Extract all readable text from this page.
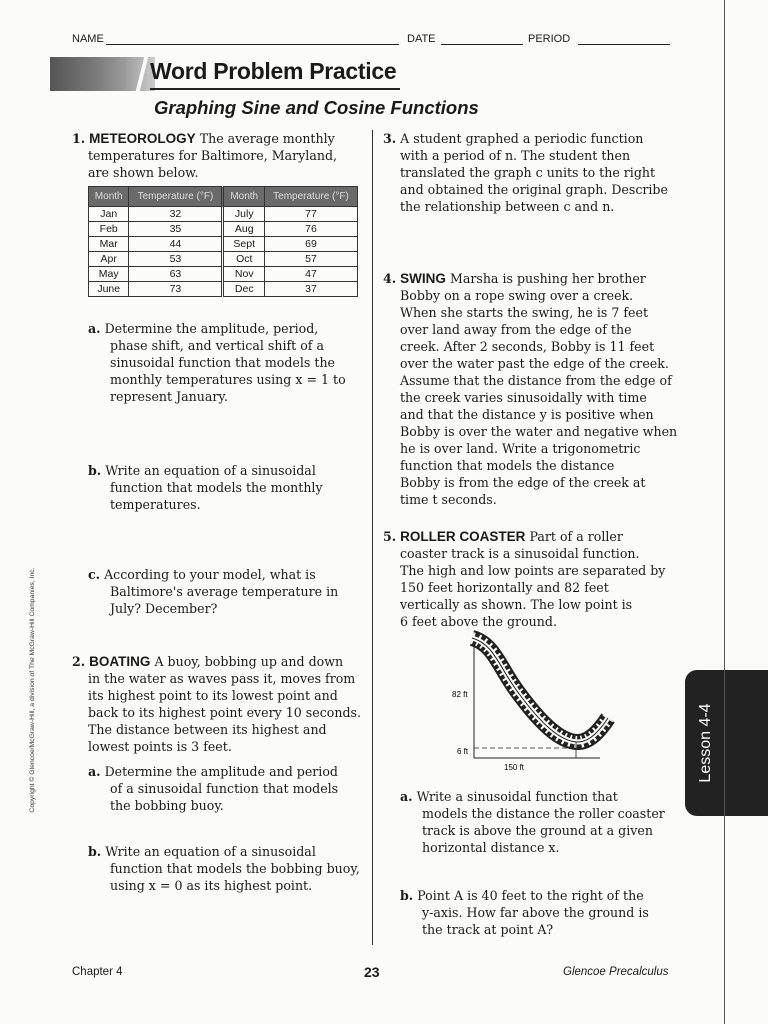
NAME	DATE	PERIOD
Word Problem Practice
Graphing Sine and Cosine Functions
1. METEOROLOGY The average monthly
temperatures for Baltimore, Maryland,
are shown below.
Month	Temperature (°F)	Month	Temperature (°F)
Jan	32	July	77
Feb	35	Aug	76
Mar	44	Sept	69
Apr	53	Oct	57
May	63	Nov	47
June	73	Dec	37
a. Determine the amplitude, period,
phase shift, and vertical shift of a
sinusoidal function that models the
monthly temperatures using x = 1 to
represent January.
b. Write an equation of a sinusoidal
function that models the monthly
temperatures.
c. According to your model, what is
Baltimore's average temperature in
July? December?
2. BOATING A buoy, bobbing up and down
in the water as waves pass it, moves from
its highest point to its lowest point and
back to its highest point every 10 seconds.
The distance between its highest and
lowest points is 3 feet.
a. Determine the amplitude and period
of a sinusoidal function that models
the bobbing buoy.
b. Write an equation of a sinusoidal
function that models the bobbing buoy,
using x = 0 as its highest point.
3. A student graphed a periodic function
with a period of n. The student then
translated the graph c units to the right
and obtained the original graph. Describe
the relationship between c and n.
4. SWING Marsha is pushing her brother
Bobby on a rope swing over a creek.
When she starts the swing, he is 7 feet
over land away from the edge of the
creek. After 2 seconds, Bobby is 11 feet
over the water past the edge of the creek.
Assume that the distance from the edge of
the creek varies sinusoidally with time
and that the distance y is positive when
Bobby is over the water and negative when
he is over land. Write a trigonometric
function that models the distance
Bobby is from the edge of the creek at
time t seconds.
5. ROLLER COASTER Part of a roller
coaster track is a sinusoidal function.
The high and low points are separated by
150 feet horizontally and 82 feet
vertically as shown. The low point is
6 feet above the ground.
82 ft
6 ft
150 ft
a. Write a sinusoidal function that
models the distance the roller coaster
track is above the ground at a given
horizontal distance x.
b. Point A is 40 feet to the right of the
y-axis. How far above the ground is
the track at point A?
Lesson 4-4
Copyright © Glencoe/McGraw-Hill, a division of The McGraw-Hill Companies, Inc.
Chapter 4	23	Glencoe Precalculus
